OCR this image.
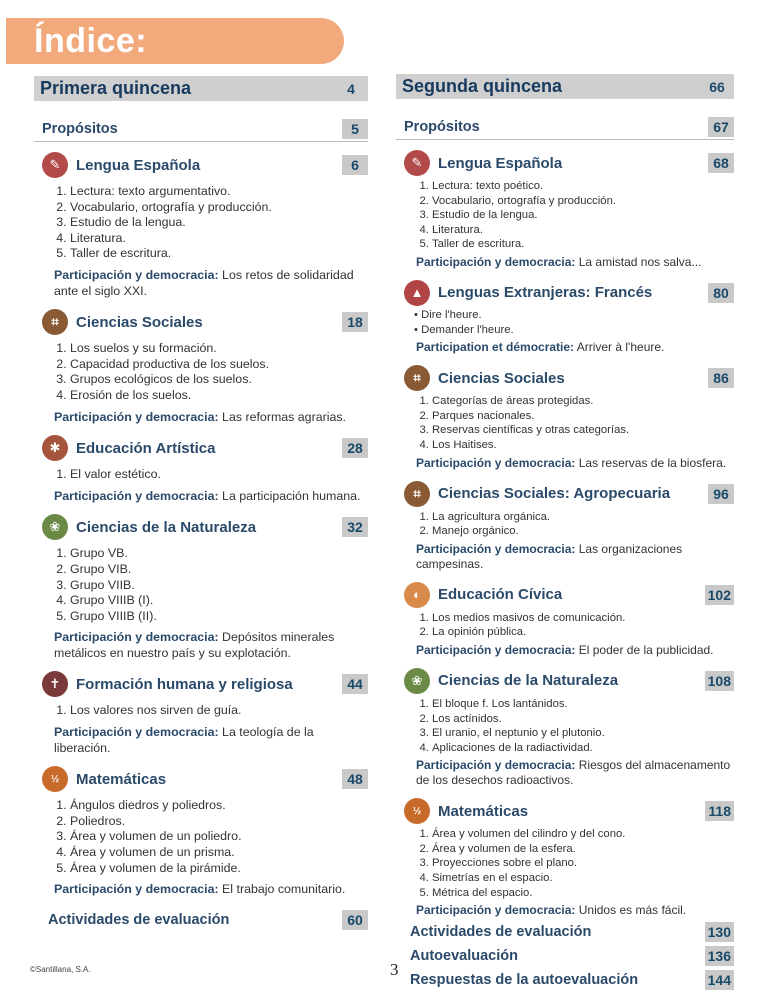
Índice:
Primera quincena	4
Propósitos	5
✎	Lengua Española	6
1. Lectura: texto argumentativo.
2. Vocabulario, ortografía y producción.
3. Estudio de la lengua.
4. Literatura.
5. Taller de escritura.
Participación y democracia: Los retos de solidaridad ante el siglo XXI.
⌗	Ciencias Sociales	18
1. Los suelos y su formación.
2. Capacidad productiva de los suelos.
3. Grupos ecológicos de los suelos.
4. Erosión de los suelos.
Participación y democracia: Las reformas agrarias.
✱	Educación Artística	28
1. El valor estético.
Participación y democracia: La participación humana.
❀	Ciencias de la Naturaleza	32
1. Grupo VB.
2. Grupo VIB.
3. Grupo VIIB.
4. Grupo VIIIB (I).
5. Grupo VIIIB (II).
Participación y democracia: Depósitos minerales metálicos en nuestro país y su explotación.
✝	Formación humana y religiosa	44
1. Los valores nos sirven de guía.
Participación y democracia: La teología de la liberación.
½	Matemáticas	48
1. Ángulos diedros y poliedros.
2. Poliedros.
3. Área y volumen de un poliedro.
4. Área y volumen de un prisma.
5. Área y volumen de la pirámide.
Participación y democracia: El trabajo comunitario.
Actividades de evaluación	60
Segunda quincena	66
Propósitos	67
✎	Lengua Española	68
1. Lectura: texto poético.
2. Vocabulario, ortografía y producción.
3. Estudio de la lengua.
4. Literatura.
5. Taller de escritura.
Participación y democracia: La amistad nos salva...
▲ Lenguas Extranjeras: Francés	80
• Dire l'heure.
• Demander l'heure.
Participation et démocratie: Arriver à l'heure.
⌗	Ciencias Sociales	86
1. Categorías de áreas protegidas.
2. Parques nacionales.
3. Reservas científicas y otras categorías.
4. Los Haitises.
Participación y democracia: Las reservas de la biosfera.
⌗	Ciencias Sociales: Agropecuaria	96
1. La agricultura orgánica.
2. Manejo orgánico.
Participación y democracia: Las organizaciones campesinas.
◐	Educación Cívica	102
1. Los medios masivos de comunicación.
2. La opinión pública.
Participación y democracia: El poder de la publicidad.
❀	Ciencias de la Naturaleza	108
1. El bloque f. Los lantánidos.
2. Los actínidos.
3. El uranio, el neptunio y el plutonio.
4. Aplicaciones de la radiactividad.
Participación y democracia: Riesgos del almacenamento de los desechos radioactivos.
½	Matemáticas	118
1. Área y volumen del cilindro y del cono.
2. Área y volumen de la esfera.
3. Proyecciones sobre el plano.
4. Simetrías en el espacio.
5. Métrica del espacio.
Participación y democracia: Unidos es más fácil.
Actividades de evaluación	130
Autoevaluación	136
Respuestas de la autoevaluación	144
©Santillana, S.A.	3
